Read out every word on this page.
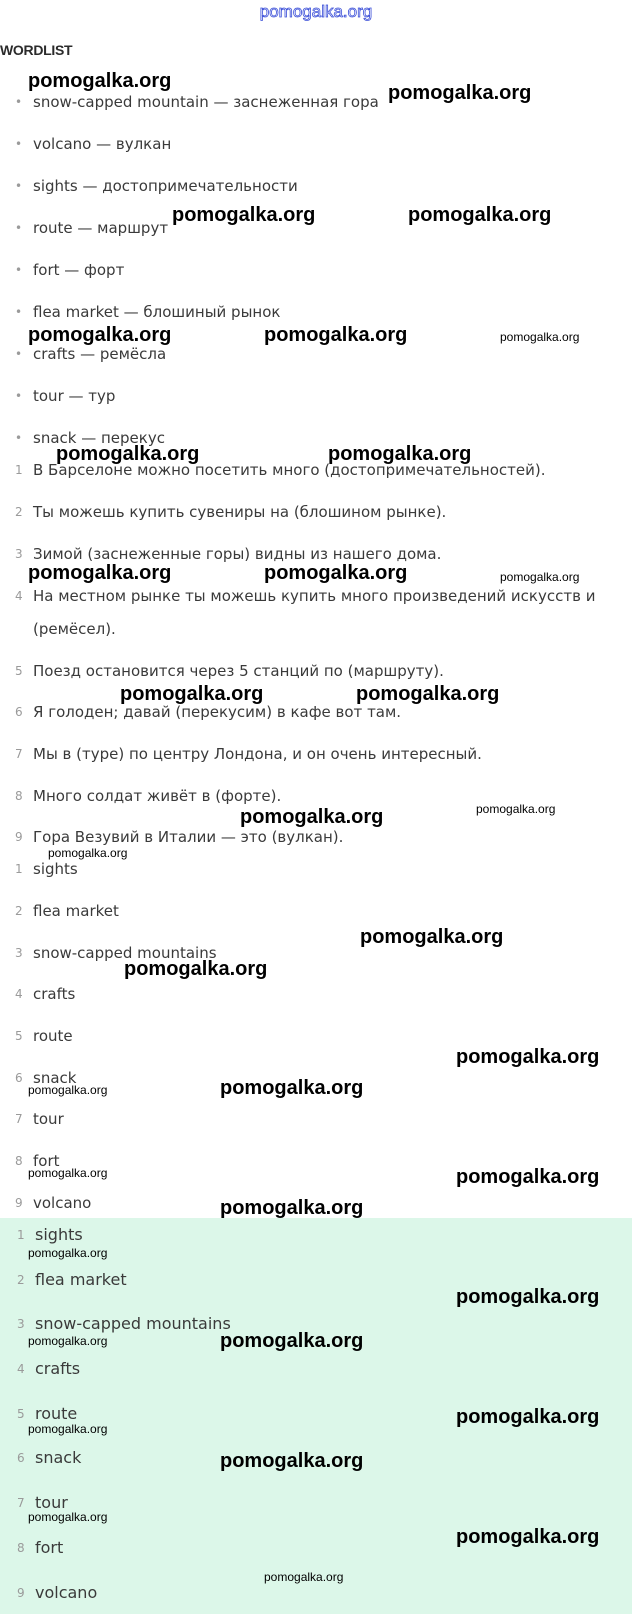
pomogalka.org
WORDLIST
• snow-capped mountain — заснеженная гора
• volcano — вулкан
• sights — достопримечательности
• route — маршрут
• fort — форт
• flea market — блошиный рынок
• crafts — ремёсла
• tour — тур
• snack — перекус
1 В Барселоне можно посетить много (достопримечательностей).
2 Ты можешь купить сувениры на (блошином рынке).
3 Зимой (заснеженные горы) видны из нашего дома.
4 На местном рынке ты можешь купить много произведений искусств и
(ремёсел).
5 Поезд остановится через 5 станций по (маршруту).
6 Я голоден; давай (перекусим) в кафе вот там.
7 Мы в (туре) по центру Лондона, и он очень интересный.
8 Много солдат живёт в (форте).
9 Гора Везувий в Италии — это (вулкан).
1 sights
2 flea market
3 snow-capped mountains
4 crafts
5 route
6 snack
7 tour
8 fort
9 volcano
1 sights
2 flea market
3 snow-capped mountains
4 crafts
5 route
6 snack
7 tour
8 fort
9 volcano
pomogalka.org
pomogalka.org
pomogalka.org	pomogalka.org
pomogalka.org	pomogalka.org	pomogalka.org
pomogalka.org	pomogalka.org
pomogalka.org	pomogalka.org	pomogalka.org
pomogalka.org	pomogalka.org
pomogalka.org	pomogalka.org
pomogalka.org
pomogalka.org
pomogalka.org
pomogalka.org
pomogalka.org
pomogalka.org
pomogalka.org	pomogalka.org
pomogalka.org
pomogalka.org
pomogalka.org
pomogalka.org	pomogalka.org
pomogalka.org
pomogalka.org
pomogalka.org
pomogalka.org
pomogalka.org
pomogalka.org
